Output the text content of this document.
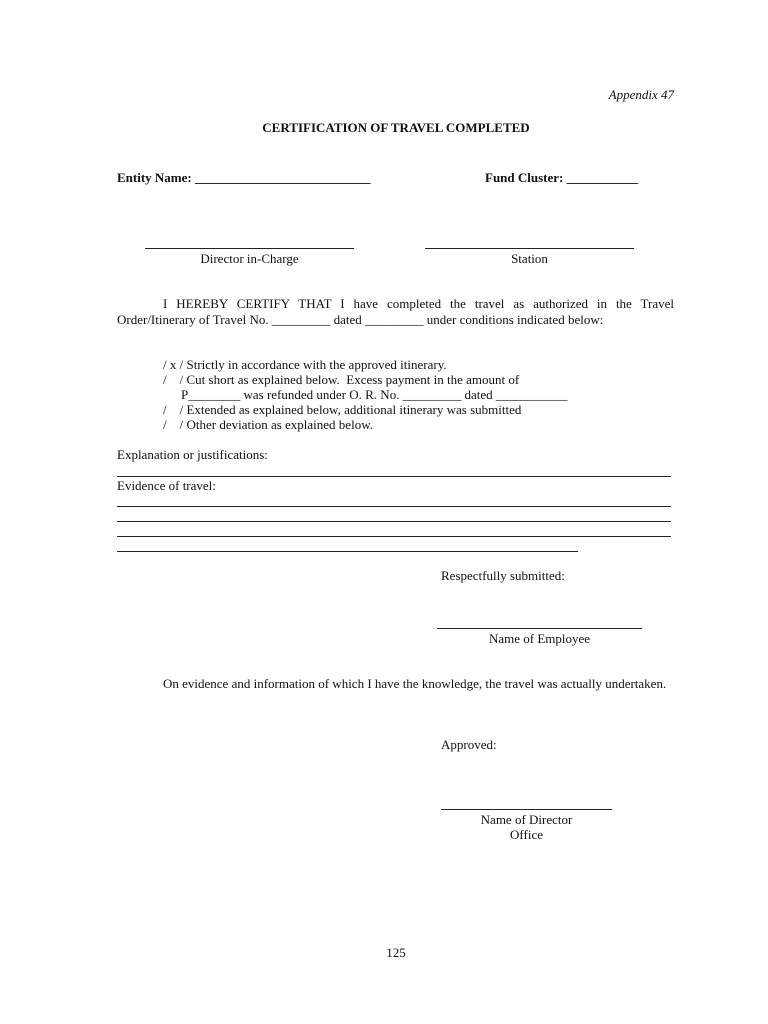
Appendix 47
CERTIFICATION OF TRAVEL COMPLETED
Entity Name: ___________________________	Fund Cluster: ___________
Director in-Charge	Station
I HEREBY CERTIFY THAT I have completed the travel as authorized in the Travel Order/Itinerary of Travel No. _________ dated _________ under conditions indicated below:
/ x / Strictly in accordance with the approved itinerary.
/    / Cut short as explained below.  Excess payment in the amount of
P________ was refunded under O. R. No. _________ dated ___________
/    / Extended as explained below, additional itinerary was submitted
/    / Other deviation as explained below.
Explanation or justifications:
Evidence of travel:
Respectfully submitted:
Name of Employee
On evidence and information of which I have the knowledge, the travel was actually undertaken.
Approved:
Name of Director
Office
125
